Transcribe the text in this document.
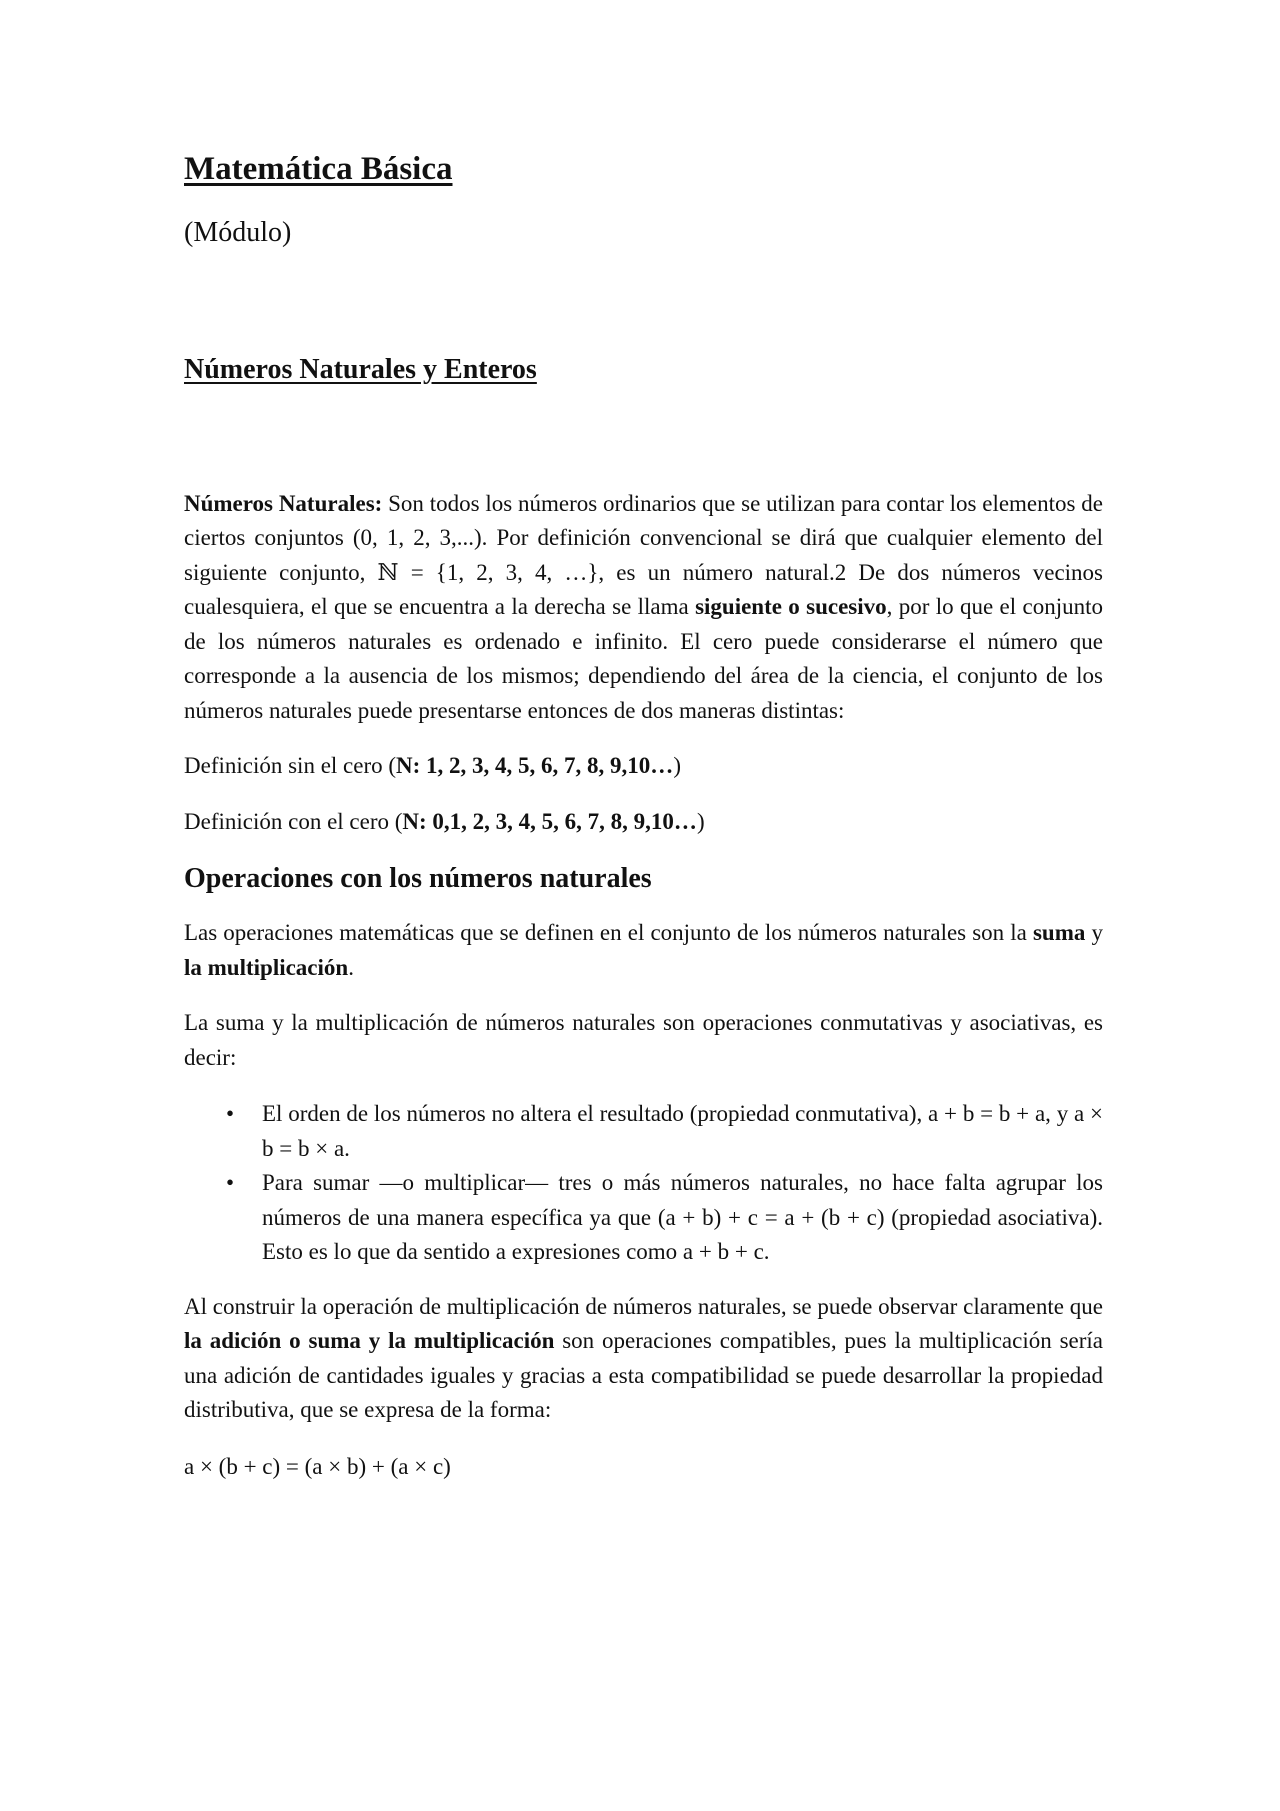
Matemática Básica
(Módulo)
Números Naturales y Enteros

Números Naturales: Son todos los números ordinarios que se utilizan para contar los elementos de ciertos conjuntos (0, 1, 2, 3,...). Por definición convencional se dirá que cualquier elemento del siguiente conjunto, ℕ = {1, 2, 3, 4, …}, es un número natural.2 De dos números vecinos cualesquiera, el que se encuentra a la derecha se llama siguiente o sucesivo, por lo que el conjunto de los números naturales es ordenado e infinito. El cero puede considerarse el número que corresponde a la ausencia de los mismos; dependiendo del área de la ciencia, el conjunto de los números naturales puede presentarse entonces de dos maneras distintas:

Definición sin el cero (N: 1, 2, 3, 4, 5, 6, 7, 8, 9,10…)

Definición con el cero (N: 0,1, 2, 3, 4, 5, 6, 7, 8, 9,10…)

Operaciones con los números naturales

Las operaciones matemáticas que se definen en el conjunto de los números naturales son la suma y la multiplicación.

La suma y la multiplicación de números naturales son operaciones conmutativas y asociativas, es decir:

• El orden de los números no altera el resultado (propiedad conmutativa), a + b = b + a, y a × b = b × a.
• Para sumar —o multiplicar— tres o más números naturales, no hace falta agrupar los números de una manera específica ya que (a + b) + c = a + (b + c) (propiedad asociativa). Esto es lo que da sentido a expresiones como a + b + c.

Al construir la operación de multiplicación de números naturales, se puede observar claramente que la adición o suma y la multiplicación son operaciones compatibles, pues la multiplicación sería una adición de cantidades iguales y gracias a esta compatibilidad se puede desarrollar la propiedad distributiva, que se expresa de la forma:

a × (b + c) = (a × b) + (a × c)
